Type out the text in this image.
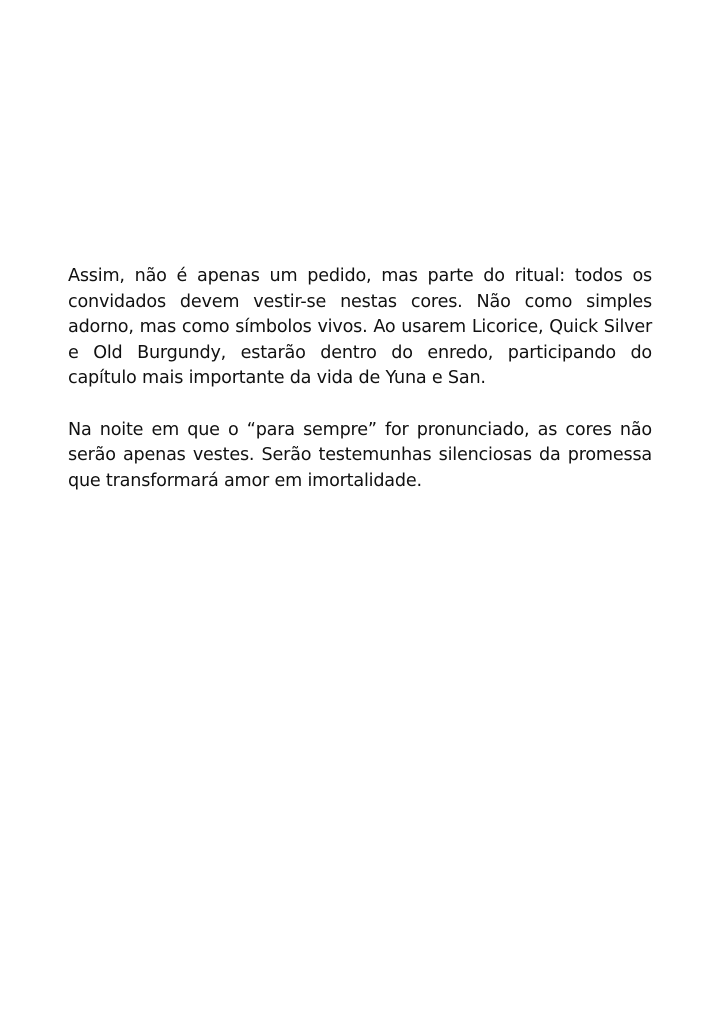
Assim, não é apenas um pedido, mas parte do ritual: todos os convidados devem vestir-se nestas cores. Não como simples adorno, mas como símbolos vivos. Ao usarem Licorice, Quick Silver e Old Burgundy, estarão dentro do enredo, participando do capítulo mais importante da vida de Yuna e San.

Na noite em que o “para sempre” for pronunciado, as cores não serão apenas vestes. Serão testemunhas silenciosas da promessa que transformará amor em imortalidade.
